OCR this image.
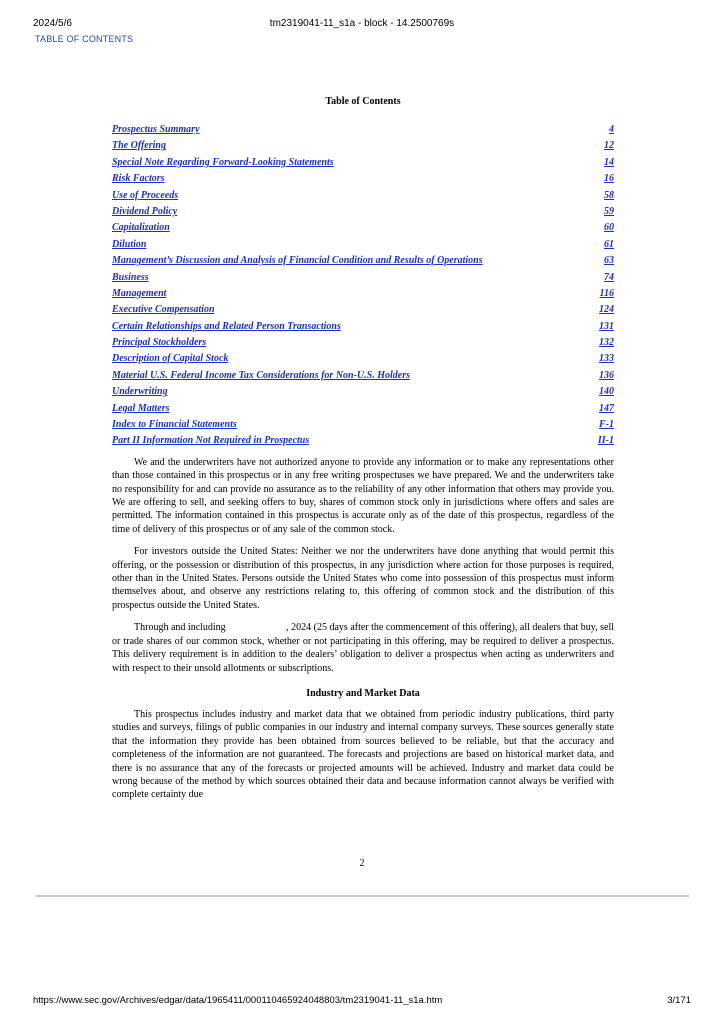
2024/5/6	tm2319041-11_s1a - block - 14.2500769s
TABLE OF CONTENTS
Table of Contents
Prospectus Summary	4
The Offering	12
Special Note Regarding Forward-Looking Statements	14
Risk Factors	16
Use of Proceeds	58
Dividend Policy	59
Capitalization	60
Dilution	61
Management’s Discussion and Analysis of Financial Condition and Results of Operations	63
Business	74
Management	116
Executive Compensation	124
Certain Relationships and Related Person Transactions	131
Principal Stockholders	132
Description of Capital Stock	133
Material U.S. Federal Income Tax Considerations for Non-U.S. Holders	136
Underwriting	140
Legal Matters	147
Index to Financial Statements	F-1
Part II Information Not Required in Prospectus	II-1

We and the underwriters have not authorized anyone to provide any information or to make any representations other than those contained in this prospectus or in any free writing prospectuses we have prepared. We and the underwriters take no responsibility for and can provide no assurance as to the reliability of any other information that others may provide you. We are offering to sell, and seeking offers to buy, shares of common stock only in jurisdictions where offers and sales are permitted. The information contained in this prospectus is accurate only as of the date of this prospectus, regardless of the time of delivery of this prospectus or of any sale of the common stock.

For investors outside the United States: Neither we nor the underwriters have done anything that would permit this offering, or the possession or distribution of this prospectus, in any jurisdiction where action for those purposes is required, other than in the United States. Persons outside the United States who come into possession of this prospectus must inform themselves about, and observe any restrictions relating to, this offering of common stock and the distribution of this prospectus outside the United States.

Through and including                        , 2024 (25 days after the commencement of this offering), all dealers that buy, sell or trade shares of our common stock, whether or not participating in this offering, may be required to deliver a prospectus. This delivery requirement is in addition to the dealers’ obligation to deliver a prospectus when acting as underwriters and with respect to their unsold allotments or subscriptions.

Industry and Market Data

This prospectus includes industry and market data that we obtained from periodic industry publications, third party studies and surveys, filings of public companies in our industry and internal company surveys. These sources generally state that the information they provide has been obtained from sources believed to be reliable, but that the accuracy and completeness of the information are not guaranteed. The forecasts and projections are based on historical market data, and there is no assurance that any of the forecasts or projected amounts will be achieved. Industry and market data could be wrong because of the method by which sources obtained their data and because information cannot always be verified with complete certainty due

2
https://www.sec.gov/Archives/edgar/data/1965411/000110465924048803/tm2319041-11_s1a.htm	3/171
